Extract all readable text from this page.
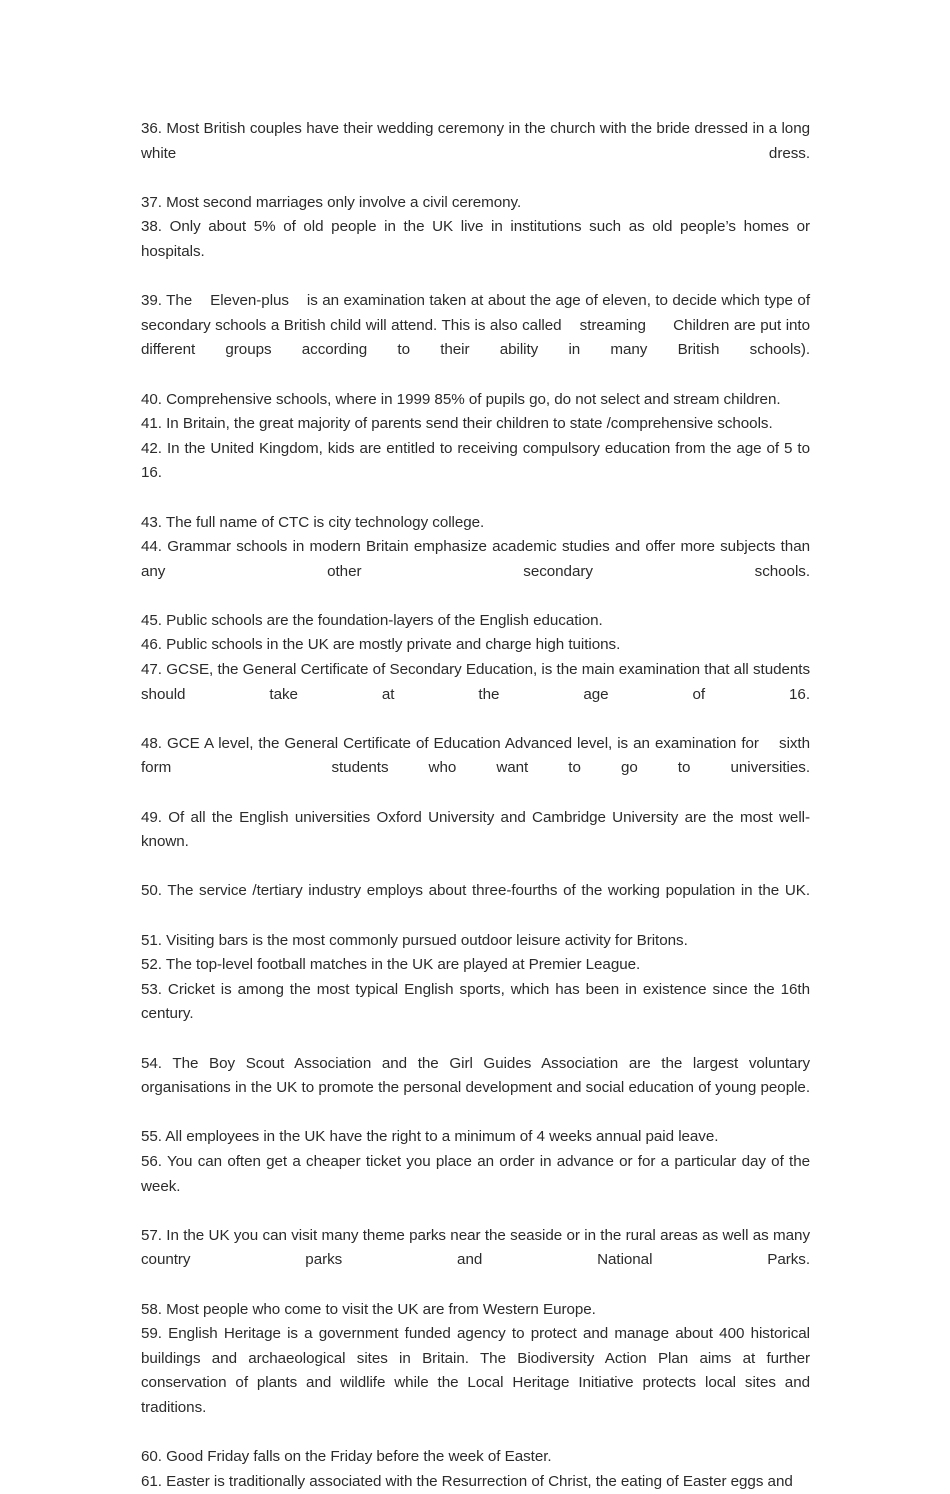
36. Most British couples have their wedding ceremony in the church with the bride dressed in a long white dress.

37. Most second marriages only involve a civil ceremony.

38. Only about 5% of old people in the UK live in institutions such as old people’s homes or hospitals.

39. The    Eleven-plus    is an examination taken at about the age of eleven, to decide which type of secondary schools a British child will attend. This is also called    streaming      Children are put into different groups according to their ability in many British schools).

40. Comprehensive schools, where in 1999 85% of pupils go, do not select and stream children.

41. In Britain, the great majority of parents send their children to state /comprehensive schools.

42. In the United Kingdom, kids are entitled to receiving compulsory education from the age of 5 to 16.

43. The full name of CTC is city technology college.

44. Grammar schools in modern Britain emphasize academic studies and offer more subjects than any other secondary schools.

45. Public schools are the foundation-layers of the English education.

46. Public schools in the UK are mostly private and charge high tuitions.

47. GCSE, the General Certificate of Secondary Education, is the main examination that all students should take at the age of 16.

48. GCE A level, the General Certificate of Education Advanced level, is an examination for    sixth form    students who want to go to universities.

49. Of all the English universities Oxford University and Cambridge University are the most well-known.

50. The service /tertiary industry employs about three-fourths of the working population in the UK.

51. Visiting bars is the most commonly pursued outdoor leisure activity for Britons.

52. The top-level football matches in the UK are played at Premier League.

53. Cricket is among the most typical English sports, which has been in existence since the 16th century.

54. The Boy Scout Association and the Girl Guides Association are the largest voluntary organisations in the UK to promote the personal development and social education of young people.

55. All employees in the UK have the right to a minimum of 4 weeks annual paid leave.

56. You can often get a cheaper ticket you place an order in advance or for a particular day of the week.

57. In the UK you can visit many theme parks near the seaside or in the rural areas as well as many country parks and National Parks.

58. Most people who come to visit the UK are from Western Europe.

59. English Heritage is a government funded agency to protect and manage about 400 historical buildings and archaeological sites in Britain. The Biodiversity Action Plan aims at further conservation of plants and wildlife while the Local Heritage Initiative protects local sites and traditions.

60. Good Friday falls on the Friday before the week of Easter.

61. Easter is traditionally associated with the Resurrection of Christ, the eating of Easter eggs and
